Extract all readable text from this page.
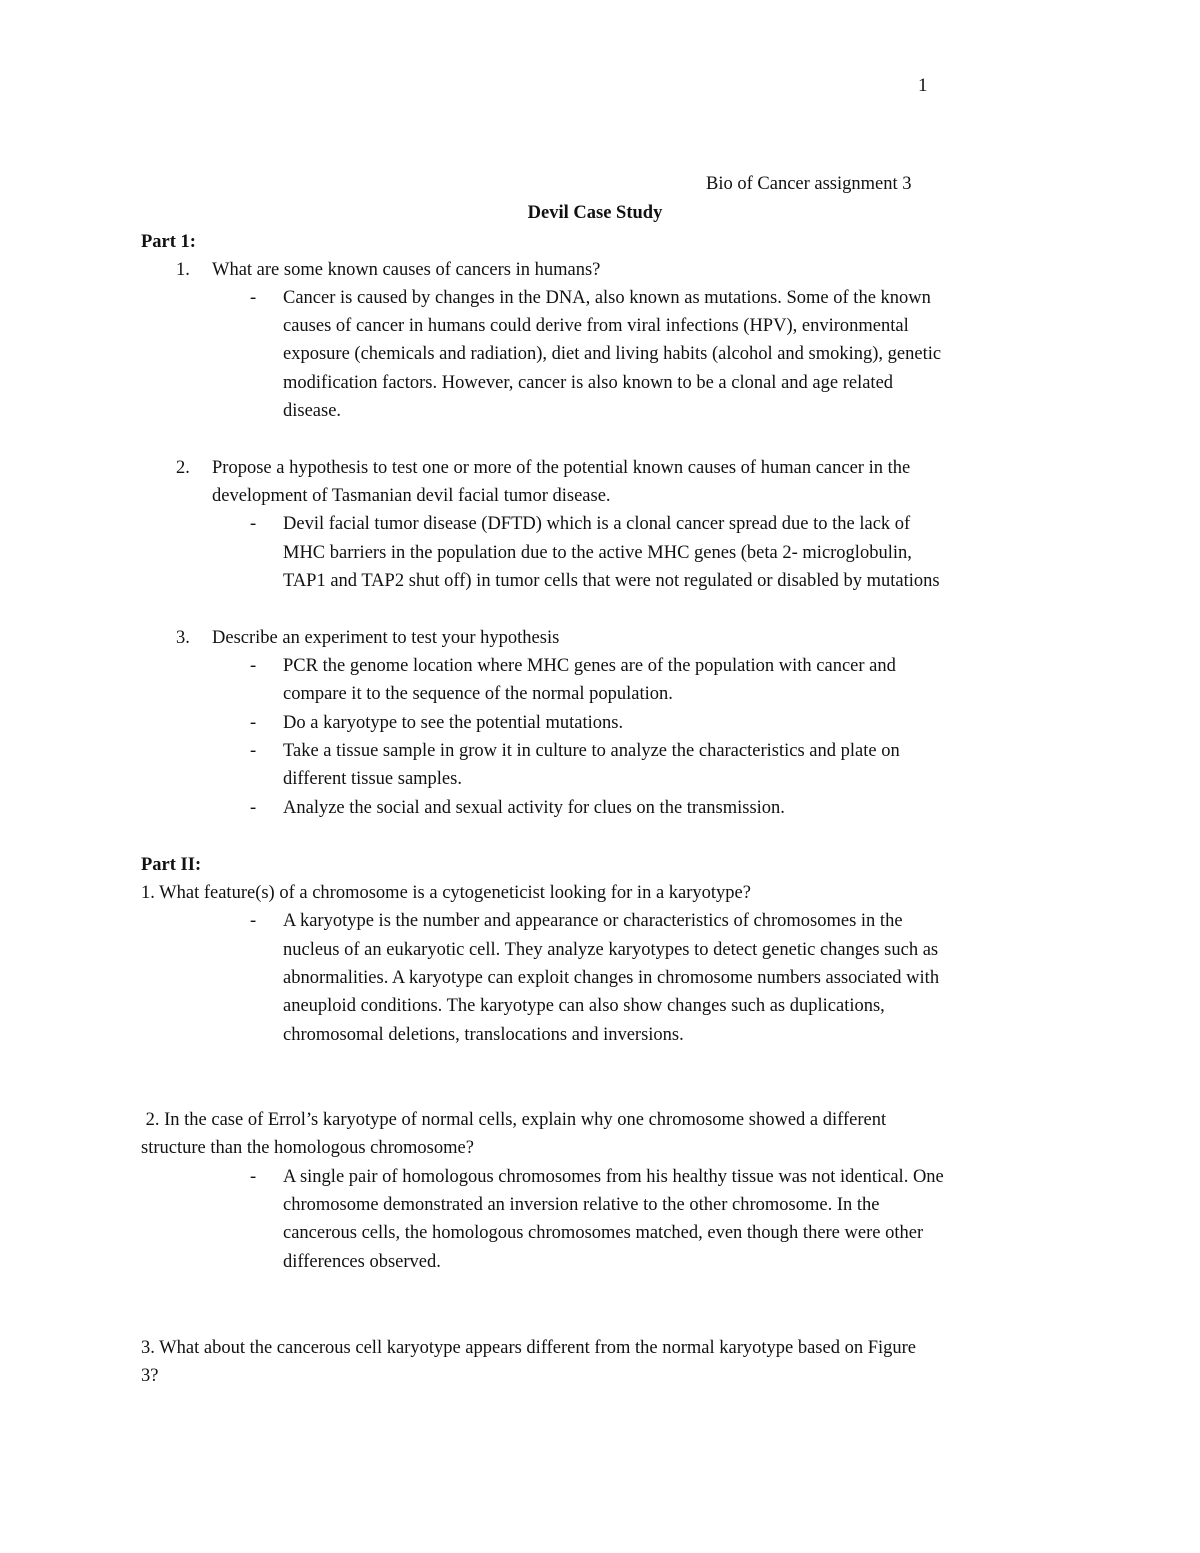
1
Bio of Cancer assignment 3
Devil Case Study
Part 1:
1. What are some known causes of cancers in humans?
- Cancer is caused by changes in the DNA, also known as mutations. Some of the known
causes of cancer in humans could derive from viral infections (HPV), environmental
exposure (chemicals and radiation), diet and living habits (alcohol and smoking), genetic
modification factors. However, cancer is also known to be a clonal and age related
disease.
2. Propose a hypothesis to test one or more of the potential known causes of human cancer in the
development of Tasmanian devil facial tumor disease.
- Devil facial tumor disease (DFTD) which is a clonal cancer spread due to the lack of
MHC barriers in the population due to the active MHC genes (beta 2- microglobulin,
TAP1 and TAP2 shut off) in tumor cells that were not regulated or disabled by mutations
3. Describe an experiment to test your hypothesis
- PCR the genome location where MHC genes are of the population with cancer and
compare it to the sequence of the normal population.
- Do a karyotype to see the potential mutations.
- Take a tissue sample in grow it in culture to analyze the characteristics and plate on
different tissue samples.
- Analyze the social and sexual activity for clues on the transmission.
Part II:
1. What feature(s) of a chromosome is a cytogeneticist looking for in a karyotype?
- A karyotype is the number and appearance or characteristics of chromosomes in the
nucleus of an eukaryotic cell. They analyze karyotypes to detect genetic changes such as
abnormalities. A karyotype can exploit changes in chromosome numbers associated with
aneuploid conditions. The karyotype can also show changes such as duplications,
chromosomal deletions, translocations and inversions.
2. In the case of Errol’s karyotype of normal cells, explain why one chromosome showed a different
structure than the homologous chromosome?
- A single pair of homologous chromosomes from his healthy tissue was not identical. One
chromosome demonstrated an inversion relative to the other chromosome. In the
cancerous cells, the homologous chromosomes matched, even though there were other
differences observed.
3. What about the cancerous cell karyotype appears different from the normal karyotype based on Figure
3?
